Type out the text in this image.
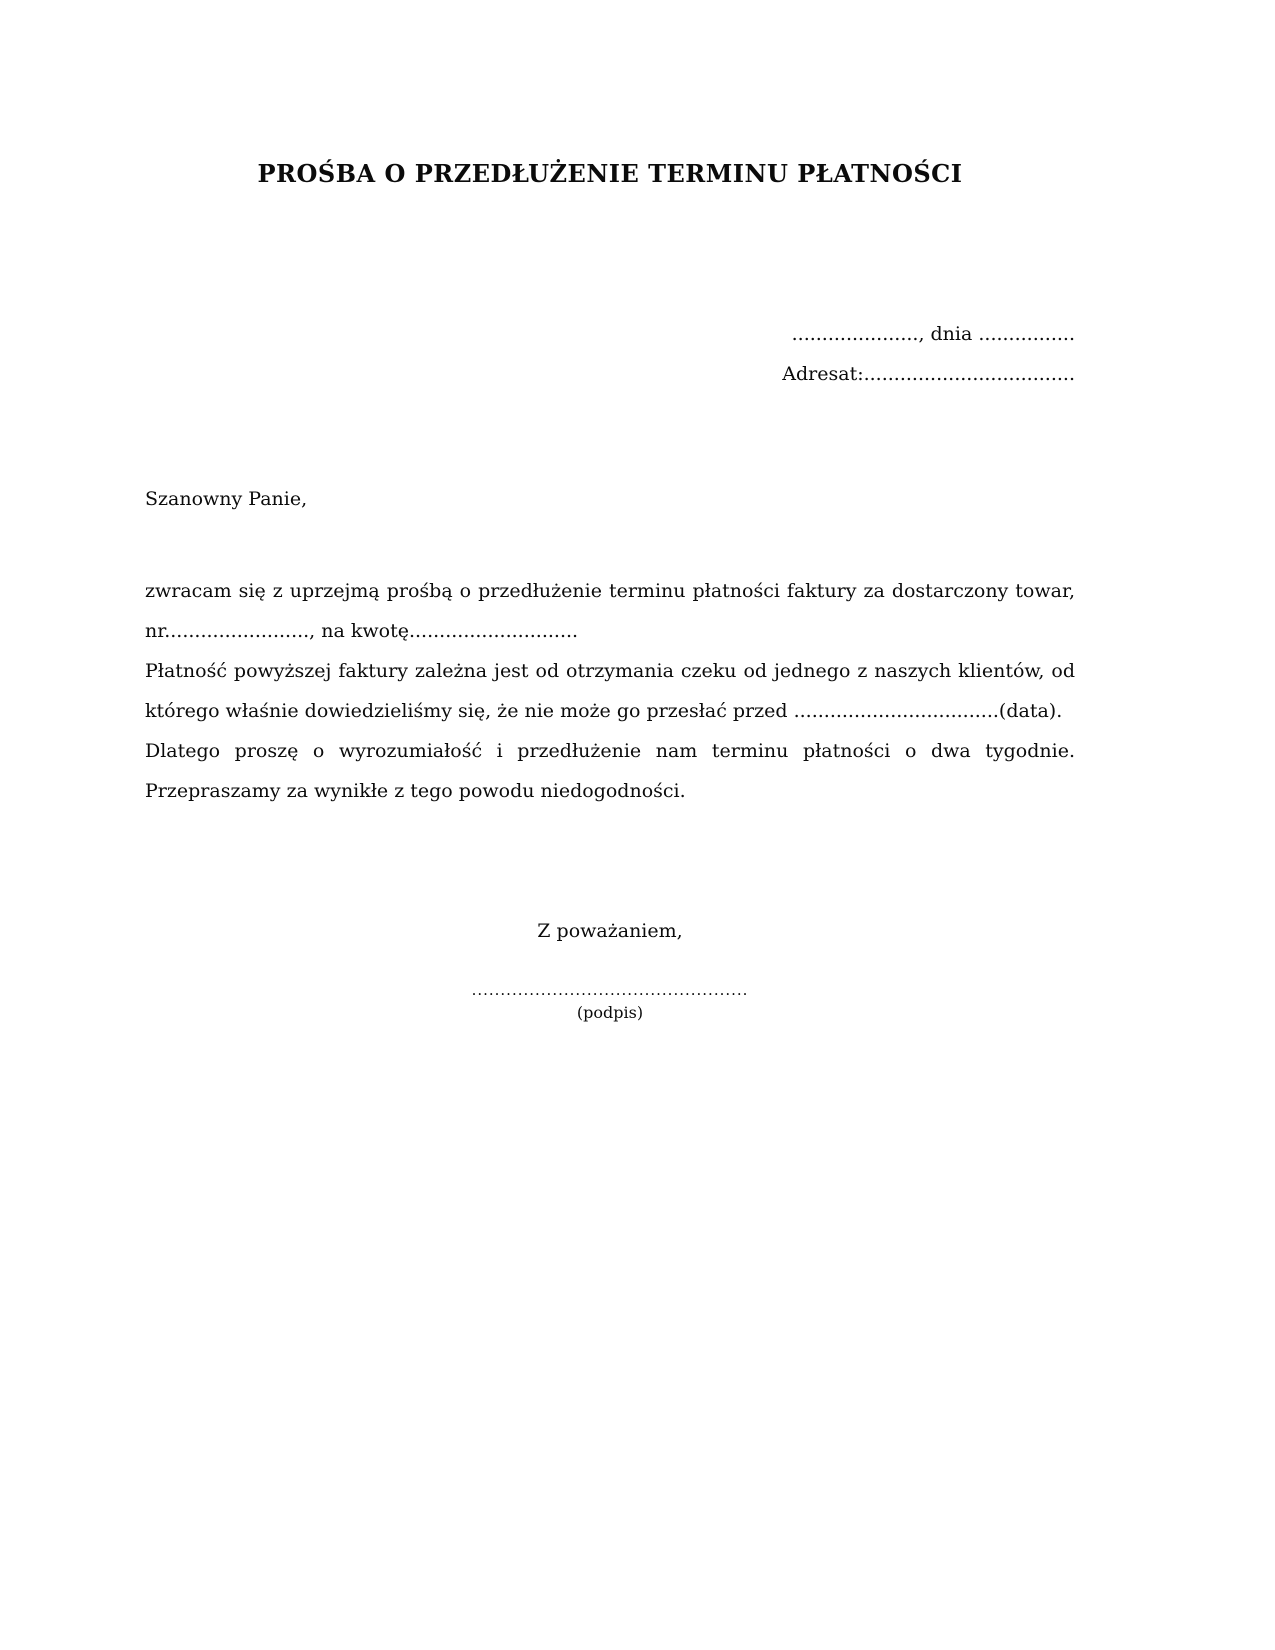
PROŚBA O PRZEDŁUŻENIE TERMINU PŁATNOŚCI
....................., dnia ................
Adresat:...................................

Szanowny Panie,

zwracam się z uprzejmą prośbą o przedłużenie terminu płatności faktury za dostarczony towar, nr........................, na kwotę............................

Płatność powyższej faktury zależna jest od otrzymania czeku od jednego z naszych klientów, od którego właśnie dowiedzieliśmy się, że nie może go przesłać przed ..................................(data).

Dlatego proszę o wyrozumiałość i przedłużenie nam terminu płatności o dwa tygodnie. Przepraszamy za wynikłe z tego powodu niedogodności.

Z poważaniem,

................................................
(podpis)
